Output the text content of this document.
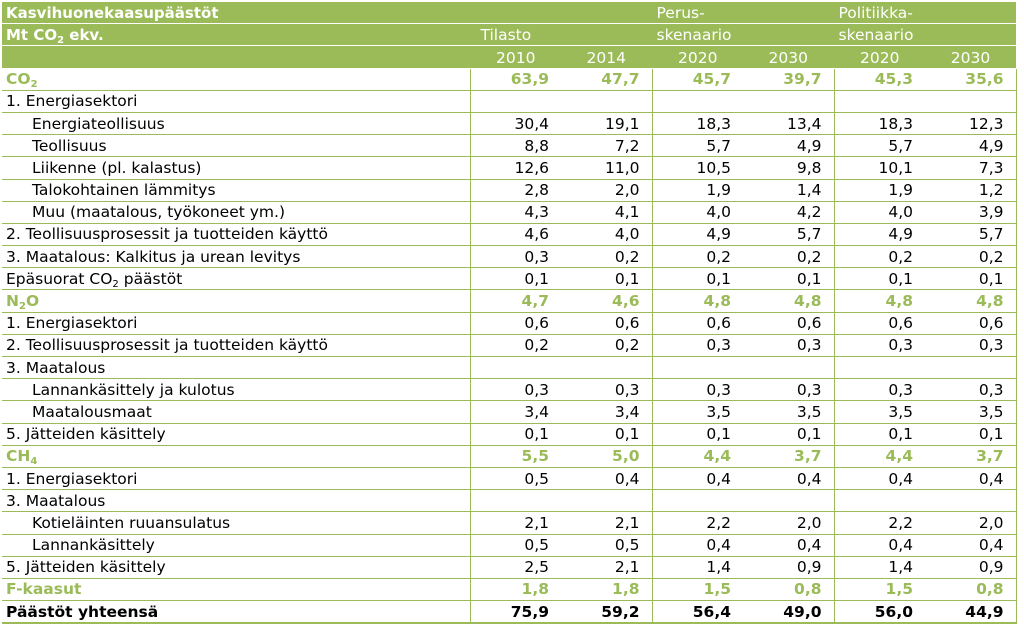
Kasvihuonekaasupäästöt			Perus-		Politiikka-	
Mt $CO_2$ ekv.	Tilasto		skenaario		skenaario	
	2010	2014	2020	2030	2020	2030
$CO_2$	63,9	47,7	45,7	39,7	45,3	35,6
1. Energiasektori						
Energiateollisuus	30,4	19,1	18,3	13,4	18,3	12,3
Teollisuus	8,8	7,2	5,7	4,9	5,7	4,9
Liikenne (pl. kalastus)	12,6	11,0	10,5	9,8	10,1	7,3
Talokohtainen lämmitys	2,8	2,0	1,9	1,4	1,9	1,2
Muu (maatalous, työkoneet ym.)	4,3	4,1	4,0	4,2	4,0	3,9
2. Teollisuusprosessit ja tuotteiden käyttö	4,6	4,0	4,9	5,7	4,9	5,7
3. Maatalous: Kalkitus ja urean levitys	0,3	0,2	0,2	0,2	0,2	0,2
Epäsuorat $CO_2$ päästöt	0,1	0,1	0,1	0,1	0,1	0,1
$N_2O$	4,7	4,6	4,8	4,8	4,8	4,8
1. Energiasektori	0,6	0,6	0,6	0,6	0,6	0,6
2. Teollisuusprosessit ja tuotteiden käyttö	0,2	0,2	0,3	0,3	0,3	0,3
3. Maatalous						
Lannankäsittely ja kulotus	0,3	0,3	0,3	0,3	0,3	0,3
Maatalousmaat	3,4	3,4	3,5	3,5	3,5	3,5
5. Jätteiden käsittely	0,1	0,1	0,1	0,1	0,1	0,1
$CH_4$	5,5	5,0	4,4	3,7	4,4	3,7
1. Energiasektori	0,5	0,4	0,4	0,4	0,4	0,4
3. Maatalous						
Kotieläinten ruuansulatus	2,1	2,1	2,2	2,0	2,2	2,0
Lannankäsittely	0,5	0,5	0,4	0,4	0,4	0,4
5. Jätteiden käsittely	2,5	2,1	1,4	0,9	1,4	0,9
F-kaasut	1,8	1,8	1,5	0,8	1,5	0,8
Päästöt yhteensä	75,9	59,2	56,4	49,0	56,0	44,9
